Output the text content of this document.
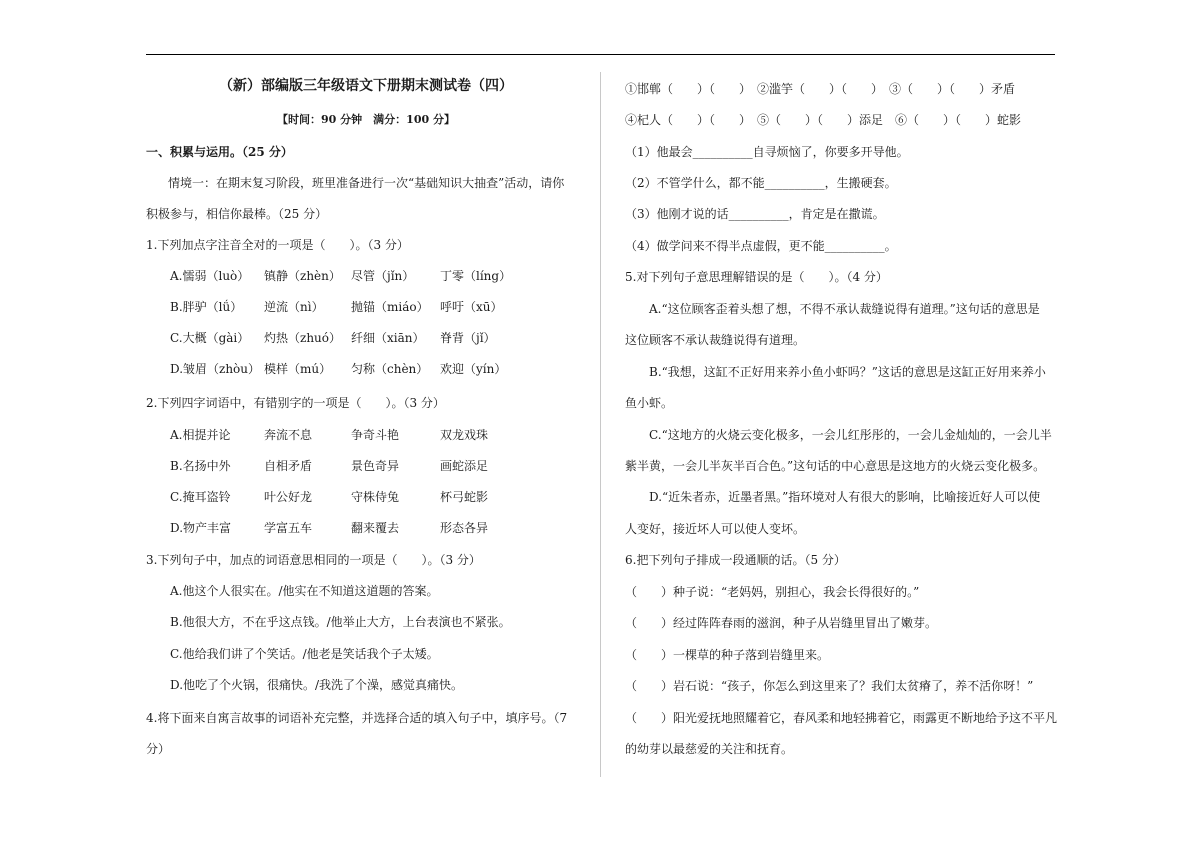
（新）部编版三年级语文下册期末测试卷（四）
【时间：90 分钟　满分：100 分】
一、积累与运用。（25 分）
情境一：在期末复习阶段，班里准备进行一次“基础知识大抽查”活动，请你
积极参与，相信你最棒。（25 分）
1.下列加点字注音全对的一项是（　　）。（3 分）
A.懦弱（luò） 镇静（zhèn） 尽管（jǐn） 丁零（líng）
B.胖驴（lǘ） 逆流（nì） 抛锚（miáo） 呼吁（xū）
C.大概（gài） 灼热（zhuó） 纤细（xiān） 脊背（jǐ）
D.皱眉（zhòu） 模样（mú） 匀称（chèn） 欢迎（yín）
2.下列四字词语中，有错别字的一项是（　　）。（3 分）
A.相提并论	奔流不息	争奇斗艳	双龙戏珠
B.名扬中外	自相矛盾	景色奇异	画蛇添足
C.掩耳盗铃	叶公好龙	守株侍兔	杯弓蛇影
D.物产丰富	学富五车	翻来覆去	形态各异
3.下列句子中，加点的词语意思相同的一项是（　　）。（3 分）
A.他这个人很实在。/他实在不知道这道题的答案。
B.他很大方，不在乎这点钱。/他举止大方，上台表演也不紧张。
C.他给我们讲了个笑话。/他老是笑话我个子太矮。
D.他吃了个火锅，很痛快。/我洗了个澡，感觉真痛快。
4.将下面来自寓言故事的词语补充完整，并选择合适的填入句子中，填序号。（7
分）
①邯郸（　　）（　　）　②滥竽（　　）（　　）　③（　　）（　　）矛盾
④杞人（　　）（　　）　⑤（　　）（　　）添足　⑥（　　）（　　）蛇影
（1）他最会__________自寻烦恼了，你要多开导他。
（2）不管学什么，都不能__________，生搬硬套。
（3）他刚才说的话__________，肯定是在撒谎。
（4）做学问来不得半点虚假，更不能__________。
5.对下列句子意思理解错误的是（　　）。（4 分）
A.“这位顾客歪着头想了想，不得不承认裁缝说得有道理。”这句话的意思是
这位顾客不承认裁缝说得有道理。
B.“我想，这缸不正好用来养小鱼小虾吗？”这话的意思是这缸正好用来养小
鱼小虾。
C.“这地方的火烧云变化极多，一会儿红彤彤的，一会儿金灿灿的，一会儿半
紫半黄，一会儿半灰半百合色。”这句话的中心意思是这地方的火烧云变化极多。
D.“近朱者赤，近墨者黑。”指环境对人有很大的影响，比喻接近好人可以使
人变好，接近坏人可以使人变坏。
6.把下列句子排成一段通顺的话。（5 分）
（　　）种子说：“老妈妈，别担心，我会长得很好的。”
（　　）经过阵阵春雨的滋润，种子从岩缝里冒出了嫩芽。
（　　）一棵草的种子落到岩缝里来。
（　　）岩石说：“孩子，你怎么到这里来了？我们太贫瘠了，养不活你呀！”
（　　）阳光爱抚地照耀着它，春风柔和地轻拂着它，雨露更不断地给予这不平凡
的幼芽以最慈爱的关注和抚育。
